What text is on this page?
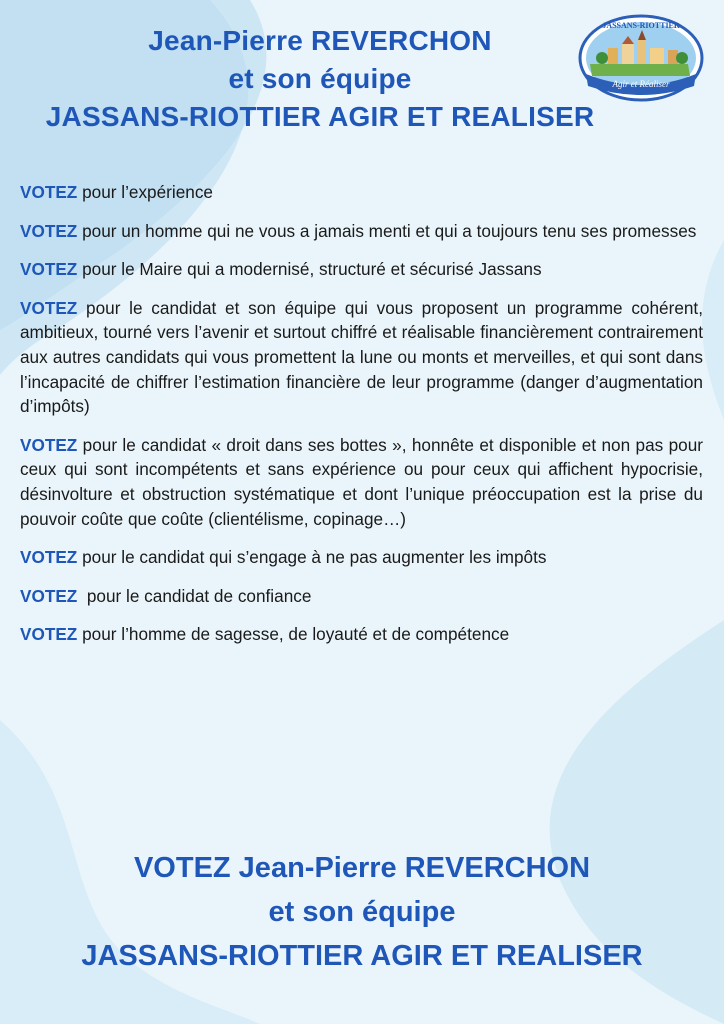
Jean-Pierre REVERCHON
et son équipe
JASSANS-RIOTTIER AGIR ET REALISER
JASSANS-RIOTTIER
Agir et Réaliser

VOTEZ pour l’expérience

VOTEZ pour un homme qui ne vous a jamais menti et qui a toujours tenu ses promesses

VOTEZ pour le Maire qui a modernisé, structuré et sécurisé Jassans

VOTEZ pour le candidat et son équipe qui vous proposent un programme cohérent, ambitieux, tourné vers l’avenir et surtout chiffré et réalisable financièrement contrairement aux autres candidats qui vous promettent la lune ou monts et merveilles, et qui sont dans l’incapacité de chiffrer l’estimation financière de leur programme (danger d’augmentation d’impôts)

VOTEZ pour le candidat « droit dans ses bottes », honnête et disponible et non pas pour ceux qui sont incompétents et sans expérience ou pour ceux qui affichent hypocrisie, désinvolture et obstruction systématique et dont l’unique préoccupation est la prise du pouvoir coûte que coûte (clientélisme, copinage…)

VOTEZ pour le candidat qui s’engage à ne pas augmenter les impôts

VOTEZ  pour le candidat de confiance

VOTEZ pour l’homme de sagesse, de loyauté et de compétence

VOTEZ Jean-Pierre REVERCHON
et son équipe
JASSANS-RIOTTIER AGIR ET REALISER
